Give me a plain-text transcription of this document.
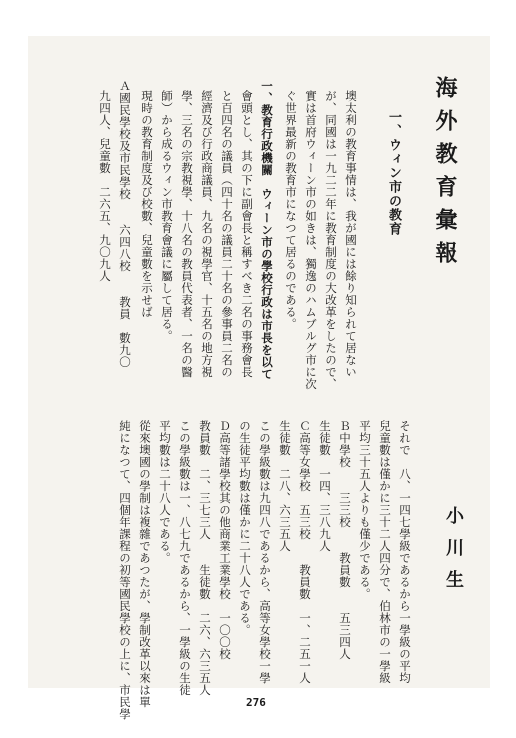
海外教育彙報
小川生
一、ウィン市の教育
墺太利の教育事情は、我が國には餘り知られて居ない
が、同國は一九二二年に教育制度の大改革をしたので、
實は首府ウィーン市の如きは、獨逸のハムブルグ市に次
ぐ世界最新の教育市になつて居るのである。
一、教育行政機關　ウィーン市の學校行政は市長を以て
會頭とし、其の下に副會長と稱すべき二名の事務會長
と百四名の議員（四十名の議員二十名の參事員二名の
經濟及び行政商議員、九名の視學官、十五名の地方視
學、三名の宗教視學、十八名の教員代表者、一名の醫
師）から成るウィン市教育會議に屬して居る。
現時の教育制度及び校數、兒童數を示せば
Ａ國民學校及市民學校　　六四八校　　教員　數九〇
九四人、兒童數　二六五、九〇九人
それで　八、一四七學級であるから一學級の平均
兒童數は僅かに三十二人四分で、伯林市の一學級
平均三十五人よりも僅少である。
Ｂ中學校　　三三校　　教員數　　五三四人
生徒數　一四、三八九人
Ｃ高等女學校　五三校　　教員數　一、二五一人
生徒數　二八、六三五人
この學級數は九四八であるから、高等女學校一學
の生徒平均數は僅かに二十八人である。
Ｄ高等諸學校其の他商業工業學校　一〇〇校
教員數　二、三七三人　　生徒數　二六、六三五人
この學級數は一、八七九であるから、一學級の生徒
平均數は二十八人である。
從來墺國の學制は複雜であつたが、學制改革以來は單
純になつて、四個年課程の初等國民學校の上に、市民學	276
